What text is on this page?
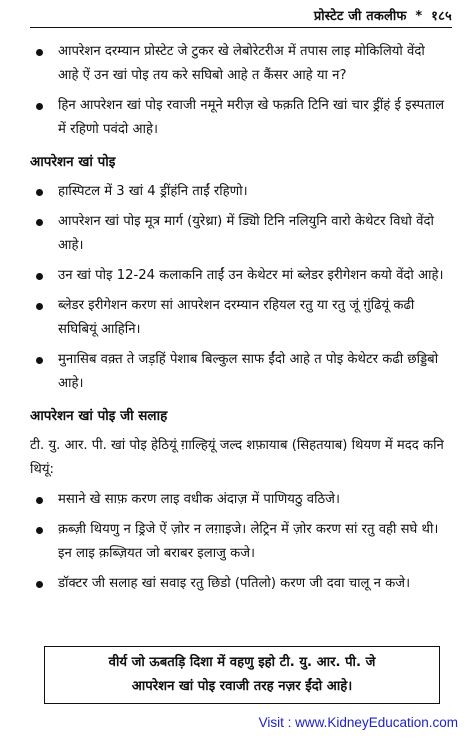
प्रोस्टेट जी तकलीफ * १८५
आपरेशन दरम्यान प्रोस्टेट जे टुकर खे लेबोरेटरीअ में तपास लाइ मोकिलियो वेंदो आहे ऐं उन खां पोइ तय करे सघिबो आहे त कैंसर आहे या न?
हिन आपरेशन खां पोइ रवाजी नमूने मरीज़ खे फक़ति टिनि खां चार ड्रींहं ई इस्पताल में रहिणो पवंदो आहे।
आपरेशन खां पोइ
हास्पिटल में 3 खां 4 ड्रींहंनि ताईं रहिणो।
आपरेशन खां पोइ मूत्र मार्ग (युरेथ्रा) में ड्यिो टिनि नलियुनि वारो केथेटर विधो वेंदो आहे।
उन खां पोइ 12-24 कलाकनि ताईं उन केथेटर मां ब्लेडर इरीगेशन कयो वेंदो आहे।
ब्लेडर इरीगेशन करण सां आपरेशन दरम्यान रहियल रतु या रतु जूं ग़ुंढियूं कढी सघिबियूं आहिनि।
मुनासिब वक़्त ते जड़हिं पेशाब बिल्कुल साफ ईंदो आहे त पोइ केथेटर कढी छड्डिबो आहे।
आपरेशन खां पोइ जी सलाह

टी. यु. आर. पी. खां पोइ हेठियूं ग़ाल्हियूं जल्द शफ़ायाब (सिहतयाब) थियण में मदद कनि थियूं:

मसाने खे साफ़ करण लाइ वधीक अंदाज़ में पाणियठु वठिजे।
क़ब्ज़ी थियणु न ड्रिजे ऐं ज़ोर न लग़ाइजे। लेट्रिन में ज़ोर करण सां रतु वही सघे थी। इन लाइ क़ब्ज़ियत जो बराबर इलाजु कजे।
डॉक्टर जी सलाह खां सवाइ रतु छिडो (पतिलो) करण जी दवा चालू न कजे।
वीर्य जो ऊबतड़ि दिशा में वहणु इहो टी. यु. आर. पी. जे
आपरेशन खां पोइ रवाजी तरह नज़र ईंदो आहे।
Visit : www.KidneyEducation.com
